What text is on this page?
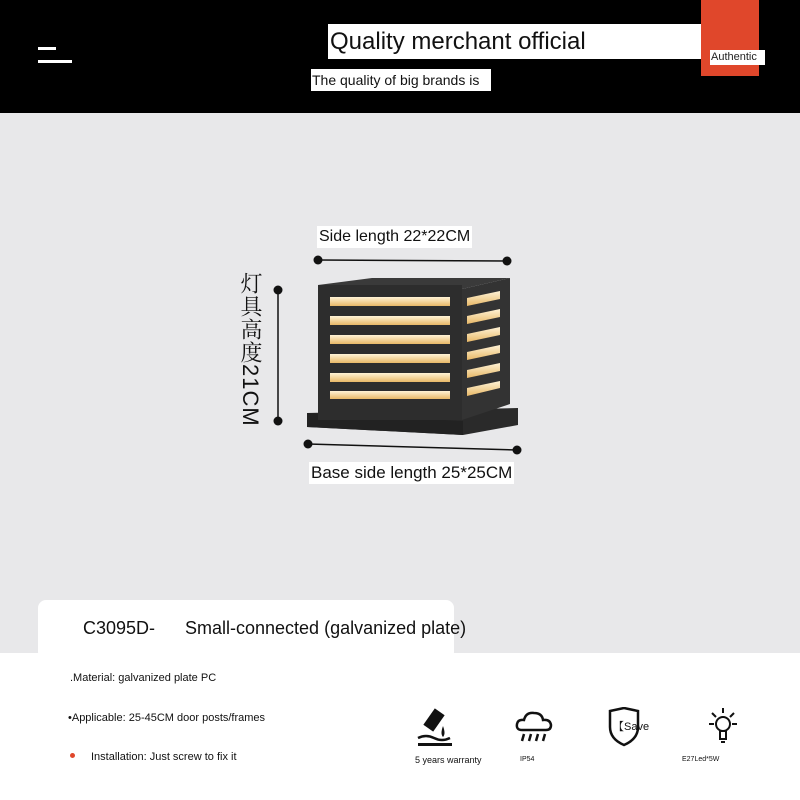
Quality merchant official
The quality of big brands is
Authentic
Side length 22*22CM
灯具高度21CM
Base side length 25*25CM
C3095D- Small-connected (galvanized plate)
.Material: galvanized plate PC
•Applicable: 25-45CM door posts/frames
Installation: Just screw to fix it	5 years warranty	IP54
【Save
E27Led*5W
